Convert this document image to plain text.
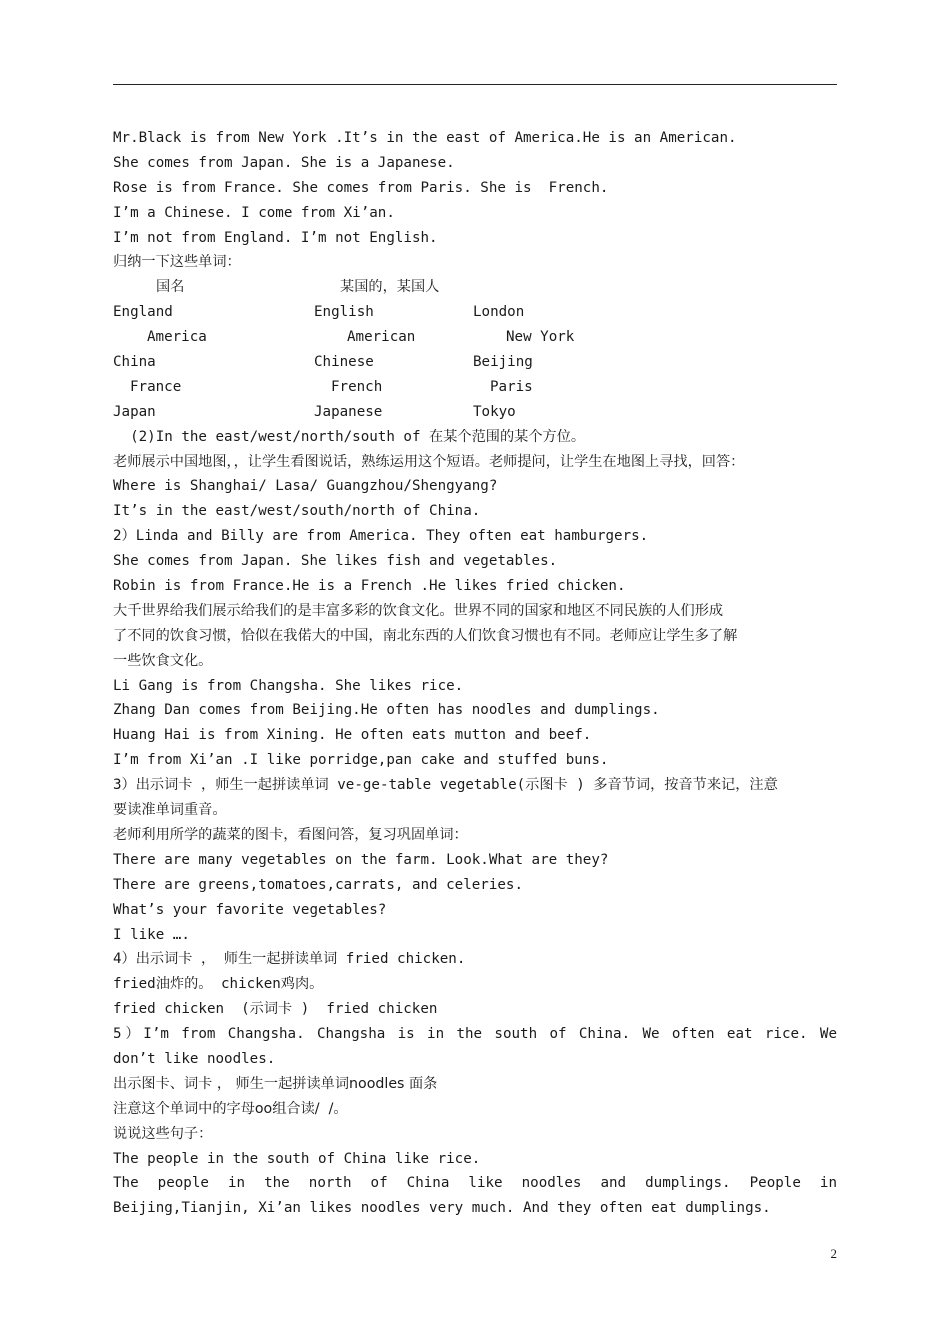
Mr.Black is from New York .It’s in the east of America.He is an American.
She comes from Japan. She is a Japanese.
Rose is from France. She comes from Paris. She is  French.
I’m a Chinese. I come from Xi’an.
I’m not from England. I’m not English.
归纳一下这些单词：
国名	某国的，某国人
England	English	London
America	American	New York
China	Chinese	Beijing
France	French	Paris
Japan	Japanese	Tokyo
(2)In the east/west/north/south of 在某个范围的某个方位。
老师展示中国地图，，让学生看图说话，熟练运用这个短语。老师提问，让学生在地图上寻找，回答：
Where is Shanghai/ Lasa/ Guangzhou/Shengyang?
It’s in the east/west/south/north of China.
2）Linda and Billy are from America. They often eat hamburgers.
She comes from Japan. She likes fish and vegetables.
Robin is from France.He is a French .He likes fried chicken.
大千世界给我们展示给我们的是丰富多彩的饮食文化。世界不同的国家和地区不同民族的人们形成
了不同的饮食习惯，恰似在我偌大的中国，南北东西的人们饮食习惯也有不同。老师应让学生多了解
一些饮食文化。
Li Gang is from Changsha. She likes rice.
Zhang Dan comes from Beijing.He often has noodles and dumplings.
Huang Hai is from Xining. He often eats mutton and beef.
I’m from Xi’an .I like porridge,pan cake and stuffed buns.
3）出示词卡 ，师生一起拼读单词 ve-ge-table vegetable(示图卡 ) 多音节词，按音节来记，注意
要读准单词重音。
老师利用所学的蔬菜的图卡，看图问答，复习巩固单词：
There are many vegetables on the farm. Look.What are they?
There are greens,tomatoes,carrats, and celeries.
What’s your favorite vegetables?
I like ….
4）出示词卡 ， 师生一起拼读单词 fried chicken.
fried油炸的。 chicken鸡肉。
fried chicken  (示词卡 )  fried chicken
5）I’m from Changsha. Changsha is in the south of China. We often eat rice. We
don’t like noodles.
出示图卡、词卡 ， 师生一起拼读单词noodles 面条
注意这个单词中的字母oo组合读/  /。
说说这些句子：
The people in the south of China like rice.
The people in the north of China like noodles and dumplings. People in
Beijing,Tianjin, Xi’an likes noodles very much. And they often eat dumplings.
2
